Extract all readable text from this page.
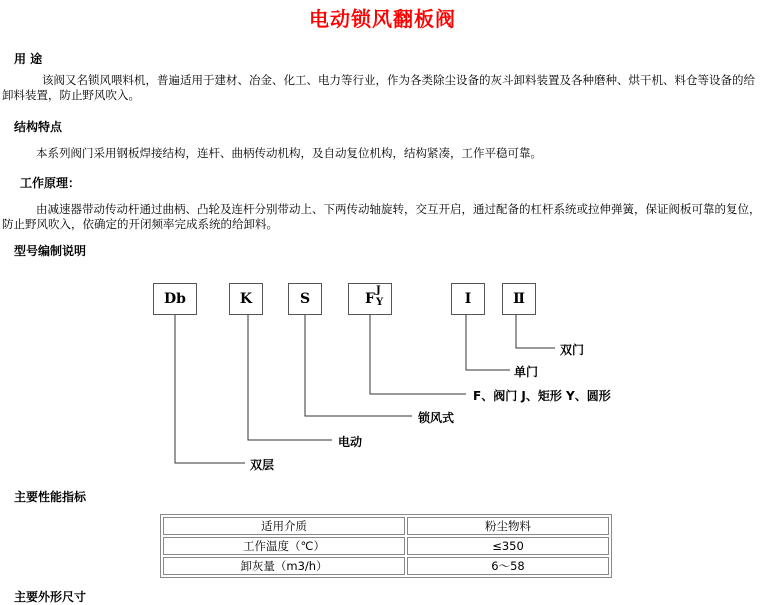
电动锁风翻板阀
用 途
该阀又名锁风喂料机，普遍适用于建材、冶金、化工、电力等行业，作为各类除尘设备的灰斗卸料装置及各种磨种、烘干机、料仓等设备的给卸料装置，防止野风吹入。
结构特点
本系列阀门采用钢板焊接结构，连杆、曲柄传动机构，及自动复位机构，结构紧凑，工作平稳可靠。
工作原理：
由减速器带动传动杆通过曲柄、凸轮及连杆分别带动上、下两传动轴旋转，交互开启，通过配备的杠杆系统或拉伸弹簧，保证阀板可靠的复位，防止野风吹入，依确定的开闭频率完成系统的给卸料。
型号编制说明
Db	K	S	F
J
Y	I	Ⅱ
双门
单门
F、阀门 J、矩形 Y、圆形
锁风式
电动
双层
主要性能指标
适用介质	粉尘物料
工作温度（℃）	≤350
卸灰量（m3/h）	6～58
主要外形尺寸
